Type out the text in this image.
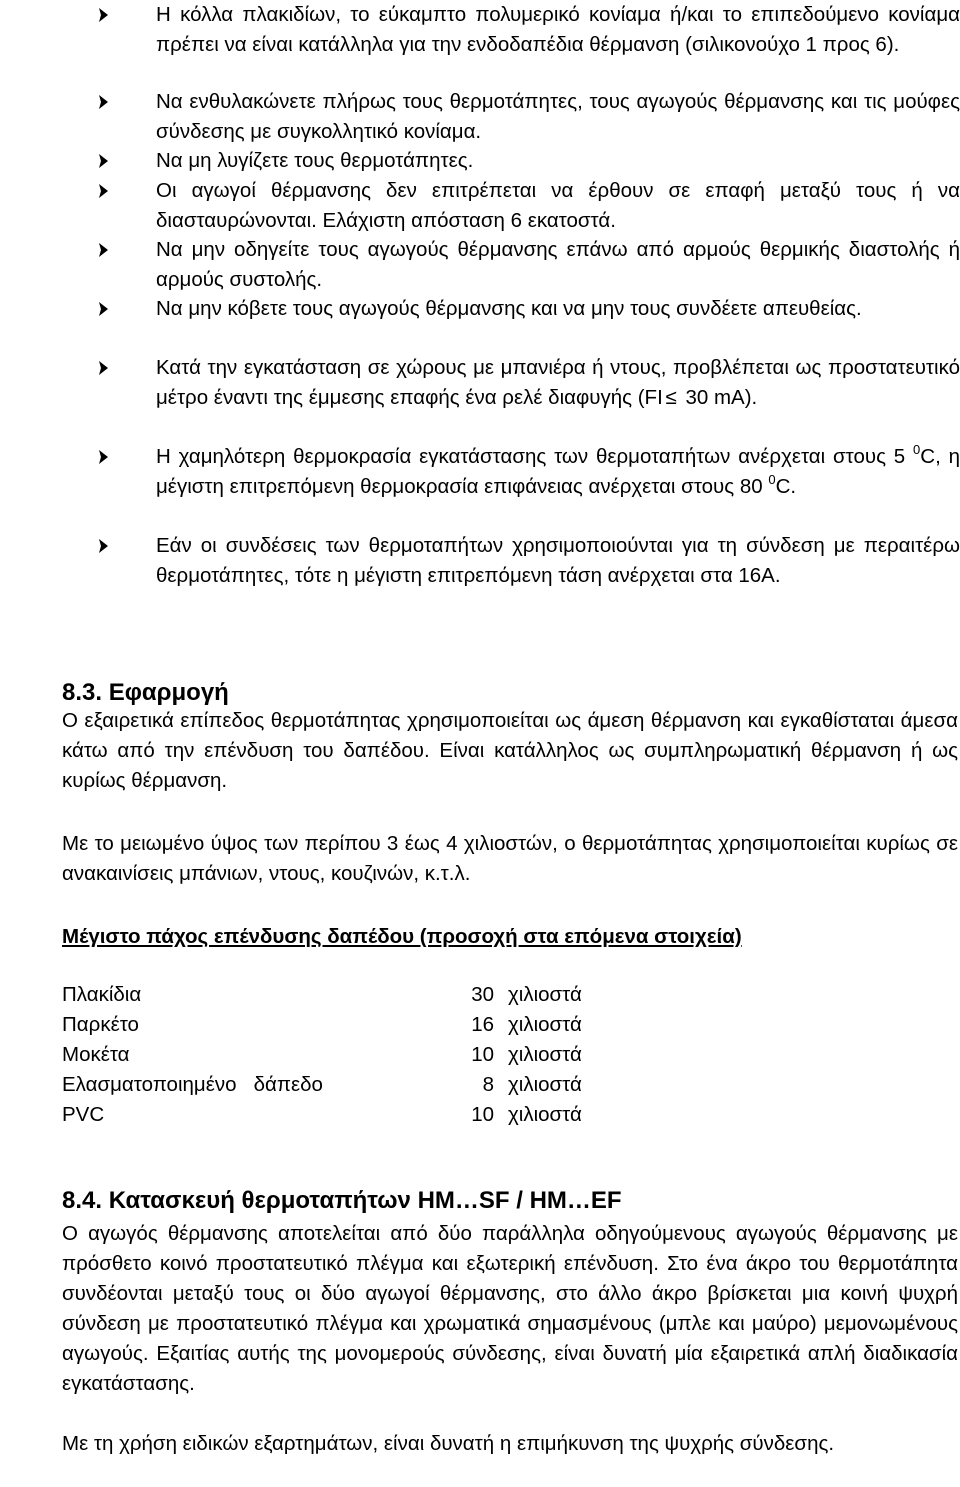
Η κόλλα πλακιδίων, το εύκαμπτο πολυμερικό κονίαμα ή/και το επιπεδούμενο κονίαμα πρέπει να είναι κατάλληλα για την ενδοδαπέδια θέρμανση (σιλικονούχο 1 προς 6).
Να ενθυλακώνετε πλήρως τους θερμοτάπητες, τους αγωγούς θέρμανσης και τις μούφες σύνδεσης με συγκολλητικό κονίαμα.
Να μη λυγίζετε τους θερμοτάπητες.
Οι αγωγοί θέρμανσης δεν επιτρέπεται να έρθουν σε επαφή μεταξύ τους ή να διασταυρώνονται. Ελάχιστη απόσταση 6 εκατοστά.
Να μην οδηγείτε τους αγωγούς θέρμανσης επάνω από αρμούς θερμικής διαστολής ή αρμούς συστολής.
Να μην κόβετε τους αγωγούς θέρμανσης και να μην τους συνδέετε απευθείας.
Κατά την εγκατάσταση σε χώρους με μπανιέρα ή ντους, προβλέπεται ως προστατευτικό μέτρο έναντι της έμμεσης επαφής ένα ρελέ διαφυγής (FI ≤ 30 mA).
Η χαμηλότερη θερμοκρασία εγκατάστασης των θερμοταπήτων ανέρχεται στους 5 $^0$C, η μέγιστη επιτρεπόμενη θερμοκρασία επιφάνειας ανέρχεται στους 80 $^0$C.
Εάν οι συνδέσεις των θερμοταπήτων χρησιμοποιούνται για τη σύνδεση με περαιτέρω θερμοτάπητες, τότε η μέγιστη επιτρεπόμενη τάση ανέρχεται στα 16Α.
8.3. Εφαρμογή
Ο εξαιρετικά επίπεδος θερμοτάπητας χρησιμοποιείται ως άμεση θέρμανση και εγκαθίσταται άμεσα κάτω από την επένδυση του δαπέδου. Είναι κατάλληλος ως συμπληρωματική θέρμανση ή ως κυρίως θέρμανση.
Με το μειωμένο ύψος των περίπου 3 έως 4 χιλιοστών, ο θερμοτάπητας χρησιμοποιείται κυρίως σε ανακαινίσεις μπάνιων, ντους, κουζινών, κ.τ.λ.
Μέγιστο πάχος επένδυσης δαπέδου (προσοχή στα επόμενα στοιχεία)
Πλακίδια	30 χιλιοστά
Παρκέτο	16 χιλιοστά
Μοκέτα	10 χιλιοστά
Ελασματοποιημένο   δάπεδο	8 χιλιοστά
PVC	10 χιλιοστά
8.4. Κατασκευή θερμοταπήτων HM…SF / HM…EF
Ο αγωγός θέρμανσης αποτελείται από δύο παράλληλα οδηγούμενους αγωγούς θέρμανσης με πρόσθετο κοινό προστατευτικό πλέγμα και εξωτερική επένδυση. Στο ένα άκρο του θερμοτάπητα συνδέονται μεταξύ τους οι δύο αγωγοί θέρμανσης, στο άλλο άκρο βρίσκεται μια κοινή ψυχρή σύνδεση με προστατευτικό πλέγμα και χρωματικά σημασμένους (μπλε και μαύρο) μεμονωμένους αγωγούς. Εξαιτίας αυτής της μονομερούς σύνδεσης, είναι δυνατή μία εξαιρετικά απλή διαδικασία εγκατάστασης.
Με τη χρήση ειδικών εξαρτημάτων, είναι δυνατή η επιμήκυνση της ψυχρής σύνδεσης.
